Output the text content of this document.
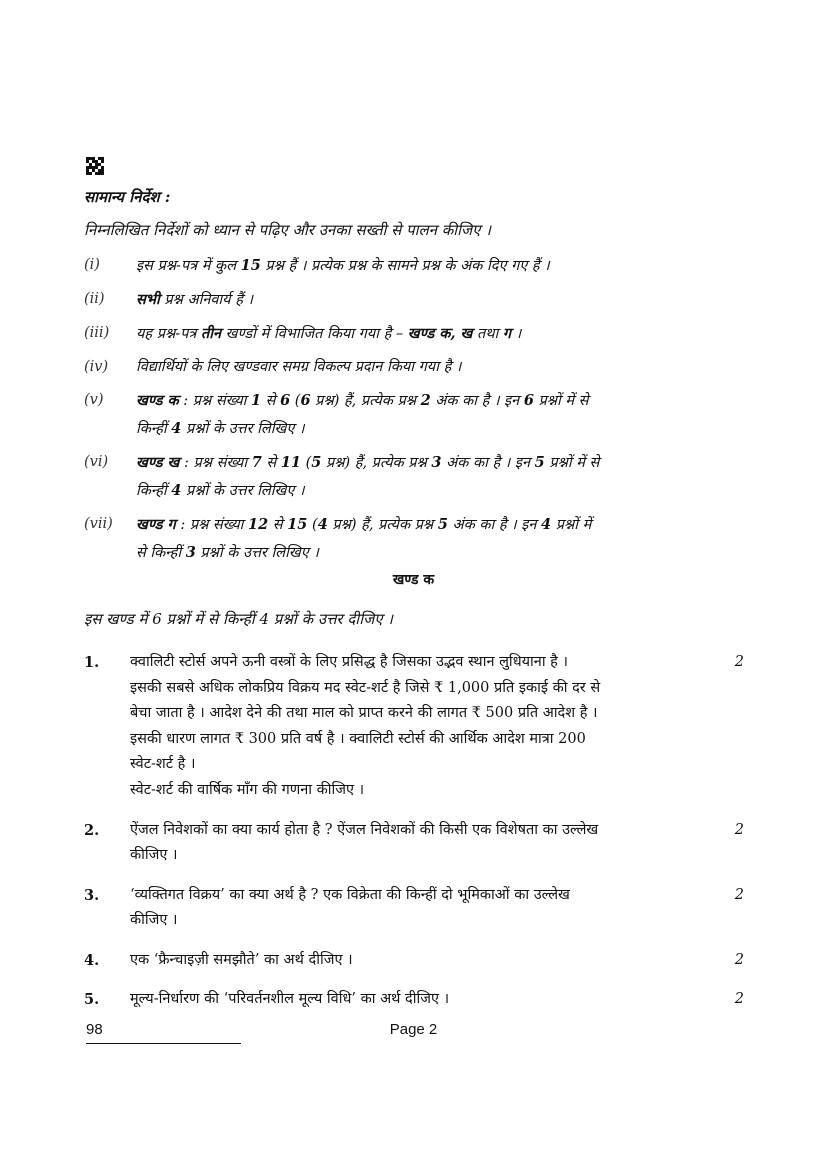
सामान्य निर्देश :
निम्नलिखित निर्देशों को ध्यान से पढ़िए और उनका सख्ती से पालन कीजिए ।
(i)	इस प्रश्न-पत्र में कुल 15 प्रश्न हैं । प्रत्येक प्रश्न के सामने प्रश्न के अंक दिए गए हैं ।
(ii)	सभी प्रश्न अनिवार्य हैं ।
(iii)	यह प्रश्न-पत्र तीन खण्डों में विभाजित किया गया है – खण्ड क, ख तथा ग ।
(iv)	विद्यार्थियों के लिए खण्डवार समग्र विकल्प प्रदान किया गया है ।
(v)	खण्ड क : प्रश्न संख्या 1 से 6 (6 प्रश्न) हैं, प्रत्येक प्रश्न 2 अंक का है । इन 6 प्रश्नों में से
किन्हीं 4 प्रश्नों के उत्तर लिखिए ।
(vi)	खण्ड ख : प्रश्न संख्या 7 से 11 (5 प्रश्न) हैं, प्रत्येक प्रश्न 3 अंक का है । इन 5 प्रश्नों में से
किन्हीं 4 प्रश्नों के उत्तर लिखिए ।
(vii)	खण्ड ग : प्रश्न संख्या 12 से 15 (4 प्रश्न) हैं, प्रत्येक प्रश्न 5 अंक का है । इन 4 प्रश्नों में
से किन्हीं 3 प्रश्नों के उत्तर लिखिए ।
खण्ड क
इस खण्ड में 6 प्रश्नों में से किन्हीं 4 प्रश्नों के उत्तर दीजिए ।
1.	क्वालिटी स्टोर्स अपने ऊनी वस्त्रों के लिए प्रसिद्ध है जिसका उद्भव स्थान लुधियाना है ।
इसकी सबसे अधिक लोकप्रिय विक्रय मद स्वेट-शर्ट है जिसे ₹ 1,000 प्रति इकाई की दर से
बेचा जाता है । आदेश देने की तथा माल को प्राप्त करने की लागत ₹ 500 प्रति आदेश है ।
इसकी धारण लागत ₹ 300 प्रति वर्ष है । क्वालिटी स्टोर्स की आर्थिक आदेश मात्रा 200
स्वेट-शर्ट है ।
स्वेट-शर्ट की वार्षिक माँग की गणना कीजिए ।
2
2.	ऐंजल निवेशकों का क्या कार्य होता है ? ऐंजल निवेशकों की किसी एक विशेषता का उल्लेख
कीजिए ।
2
3.	‘व्यक्तिगत विक्रय’ का क्या अर्थ है ? एक विक्रेता की किन्हीं दो भूमिकाओं का उल्लेख
कीजिए ।
2
4.	एक ‘फ्रैन्चाइज़ी समझौते’ का अर्थ दीजिए ।	2
5.	मूल्य-निर्धारण की ‘परिवर्तनशील मूल्य विधि’ का अर्थ दीजिए ।	2
98	Page 2
